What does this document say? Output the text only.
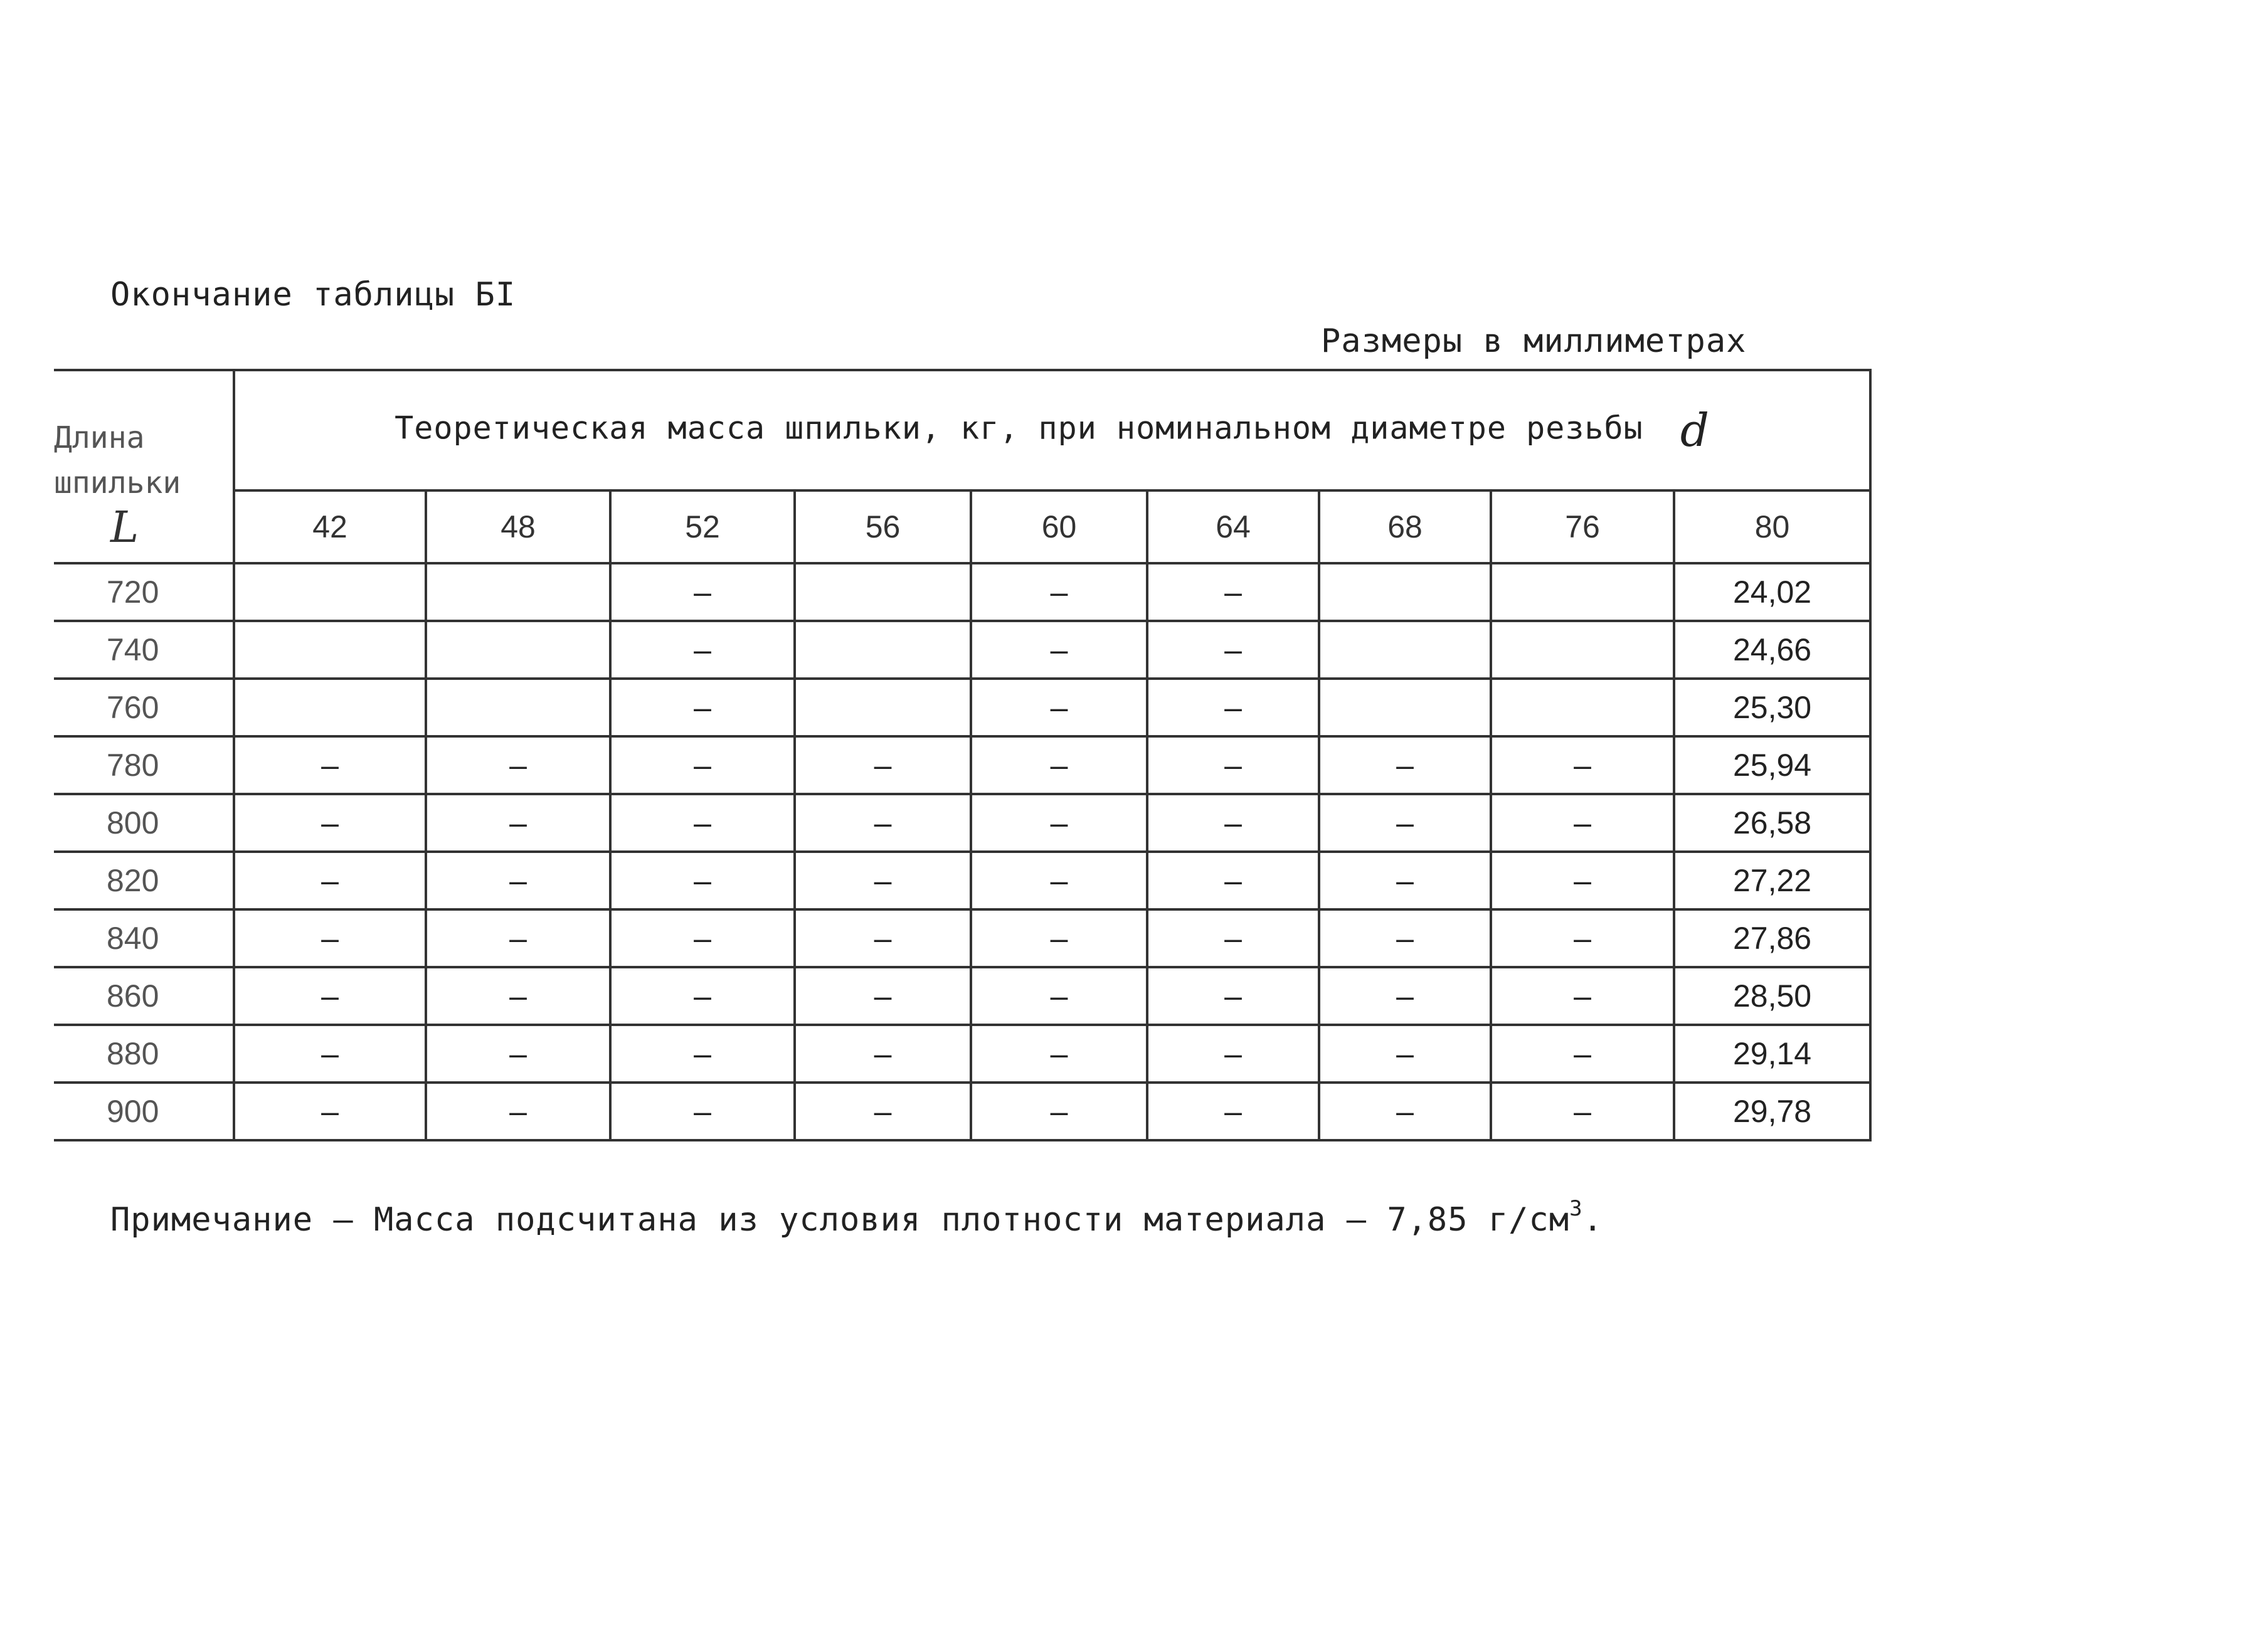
Окончание таблицы БI
Размеры в миллиметрах
Длина
шпильки
L	Теоретическая масса шпильки, кг, при номинальном диаметре резьбы d								
	42	48	52	56	60	64	68	76	80
720			–		–	–			24,02
740			–		–	–			24,66
760			–		–	–			25,30
780	–	–	–	–	–	–	–	–	25,94
800	–	–	–	–	–	–	–	–	26,58
820	–	–	–	–	–	–	–	–	27,22
840	–	–	–	–	–	–	–	–	27,86
860	–	–	–	–	–	–	–	–	28,50
880	–	–	–	–	–	–	–	–	29,14
900	–	–	–	–	–	–	–	–	29,78
Примечание – Масса подсчитана из условия плотности материала – 7,85 $г/см^3$.
